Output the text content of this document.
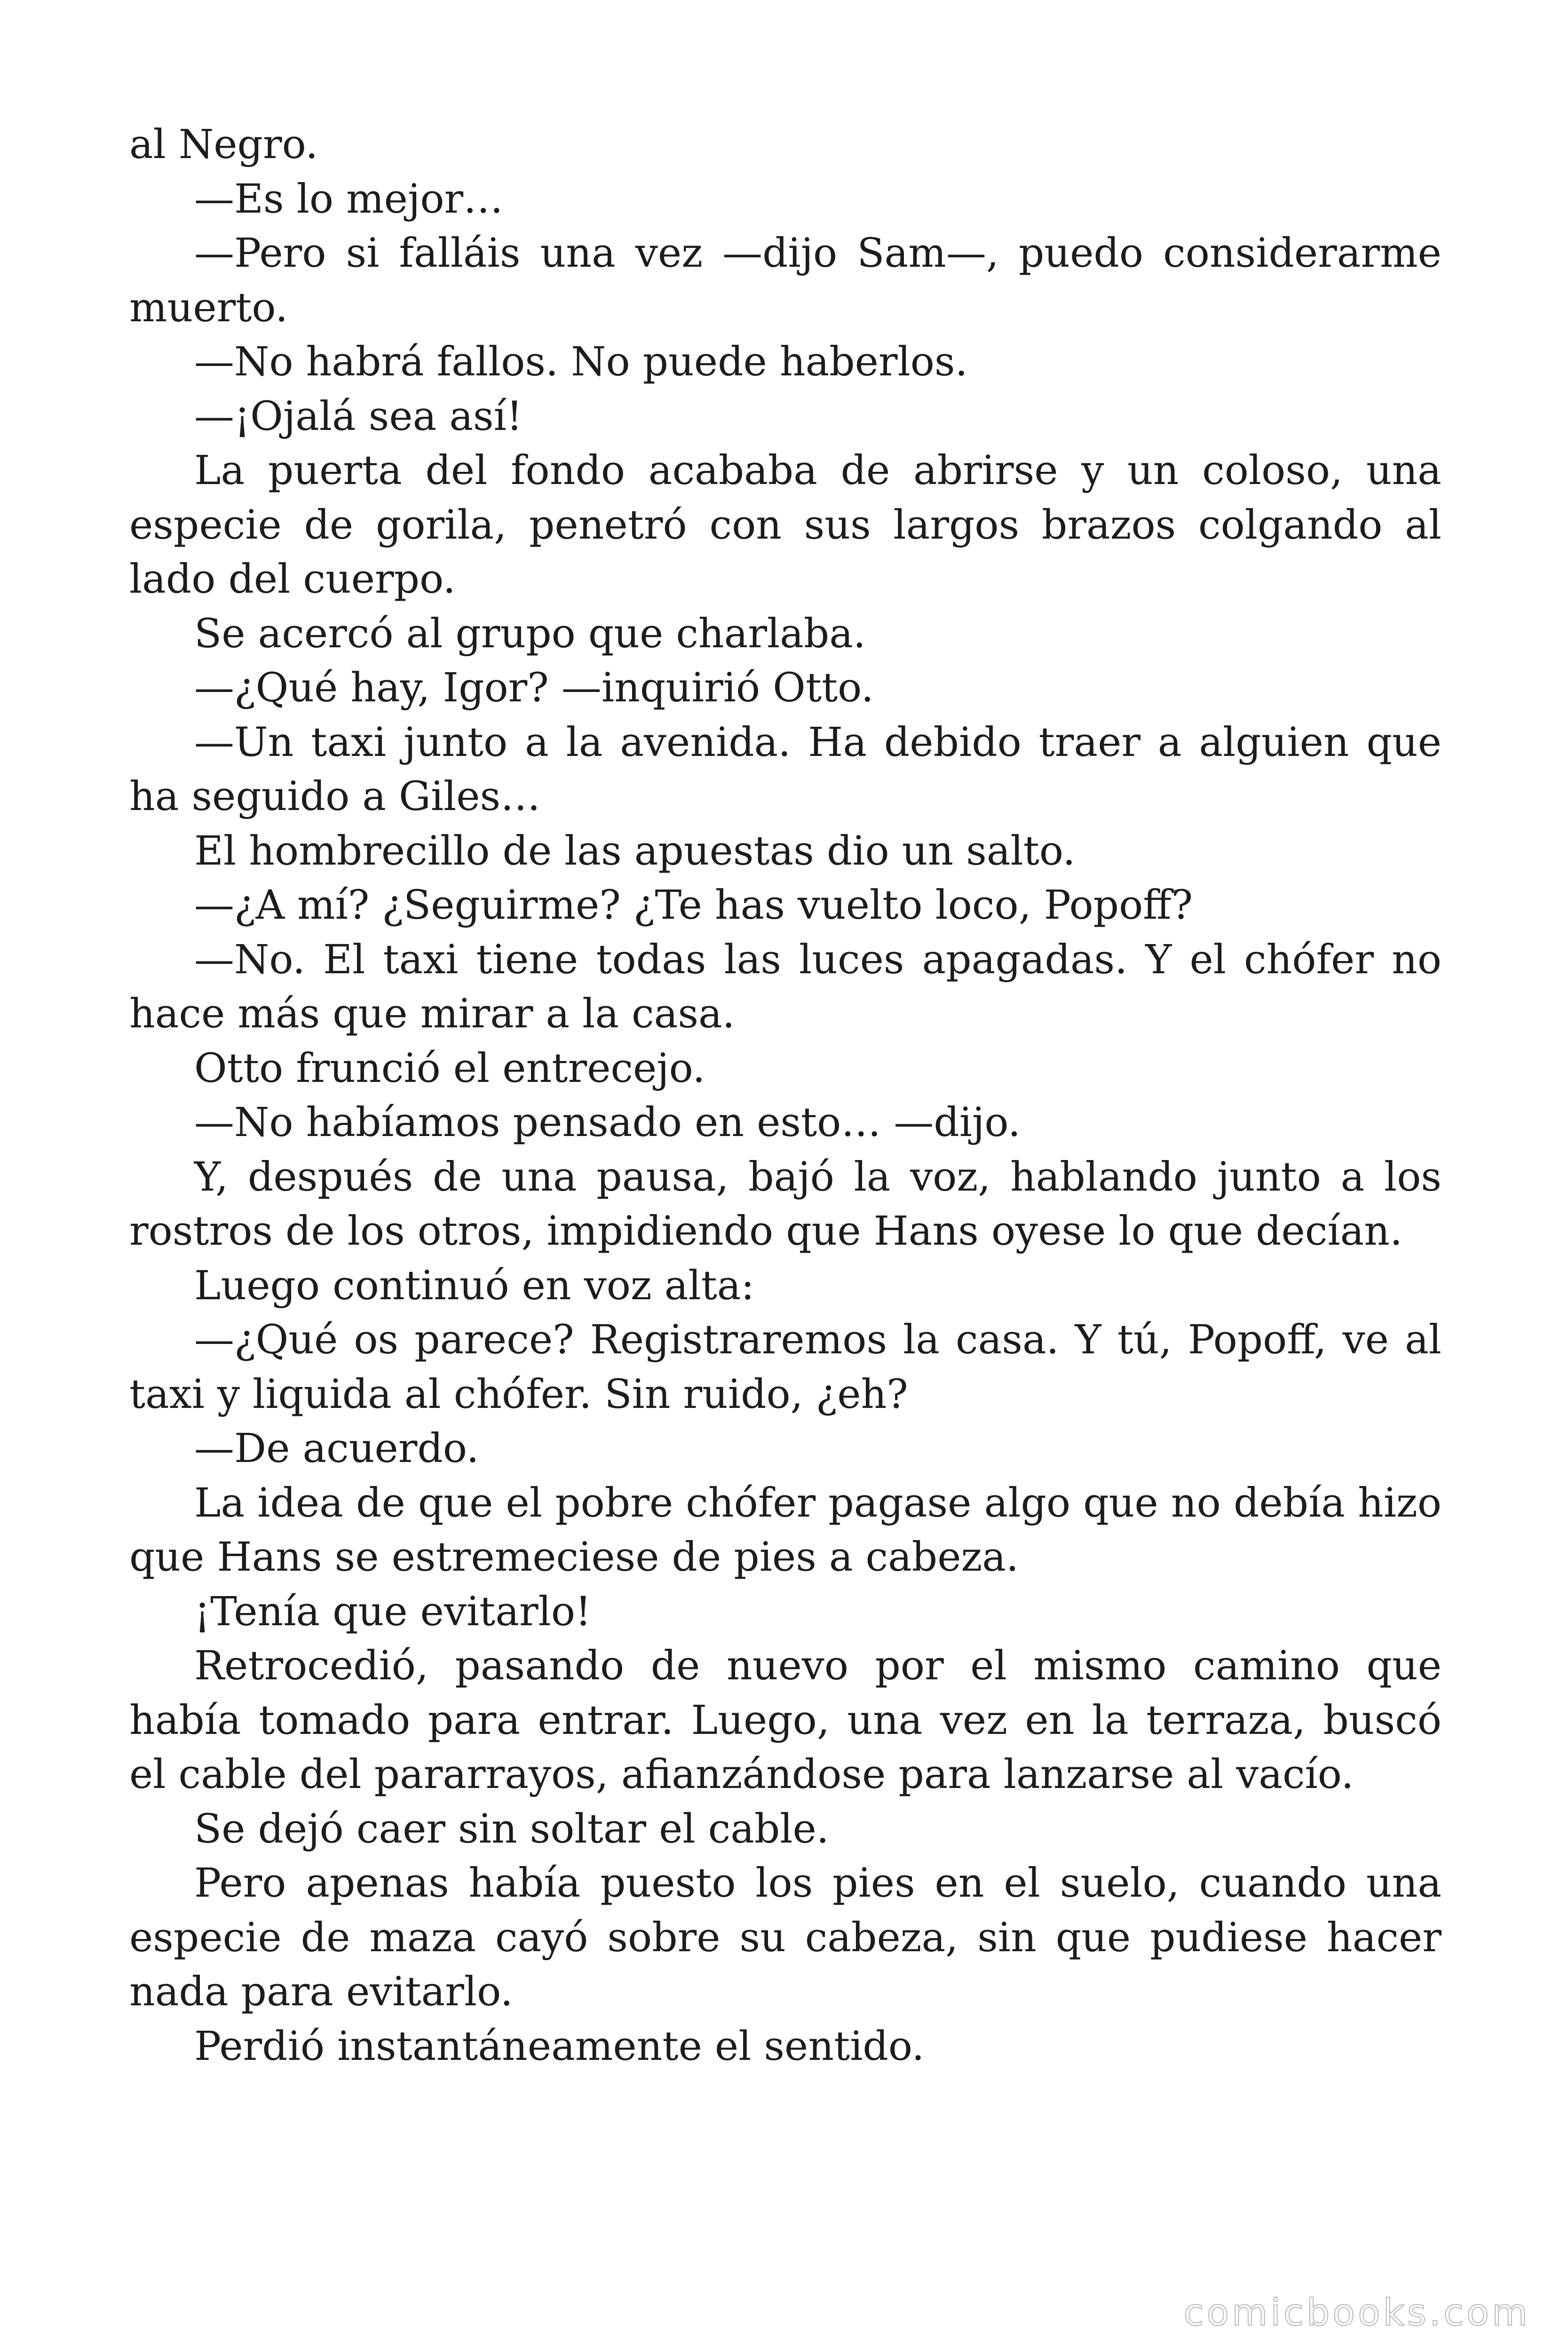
al Negro.

—Es lo mejor…

—Pero si falláis una vez —dijo Sam—, puedo considerarme muerto.

—No habrá fallos. No puede haberlos.

—¡Ojalá sea así!

La puerta del fondo acababa de abrirse y un coloso, una especie de gorila, penetró con sus largos brazos colgando al lado del cuerpo.

Se acercó al grupo que charlaba.

—¿Qué hay, Igor? —inquirió Otto.

—Un taxi junto a la avenida. Ha debido traer a alguien que ha seguido a Giles…

El hombrecillo de las apuestas dio un salto.

—¿A mí? ¿Seguirme? ¿Te has vuelto loco, Popoff?

—No. El taxi tiene todas las luces apagadas. Y el chófer no hace más que mirar a la casa.

Otto frunció el entrecejo.

—No habíamos pensado en esto… —dijo.

Y, después de una pausa, bajó la voz, hablando junto a los rostros de los otros, impidiendo que Hans oyese lo que decían.

Luego continuó en voz alta:

—¿Qué os parece? Registraremos la casa. Y tú, Popoff, ve al taxi y liquida al chófer. Sin ruido, ¿eh?

—De acuerdo.

La idea de que el pobre chófer pagase algo que no debía hizo que Hans se estremeciese de pies a cabeza.

¡Tenía que evitarlo!

Retrocedió, pasando de nuevo por el mismo camino que había tomado para entrar. Luego, una vez en la terraza, buscó el cable del pararrayos, afianzándose para lanzarse al vacío.

Se dejó caer sin soltar el cable.

Pero apenas había puesto los pies en el suelo, cuando una especie de maza cayó sobre su cabeza, sin que pudiese hacer nada para evitarlo.

Perdió instantáneamente el sentido.

comicbooks.com
